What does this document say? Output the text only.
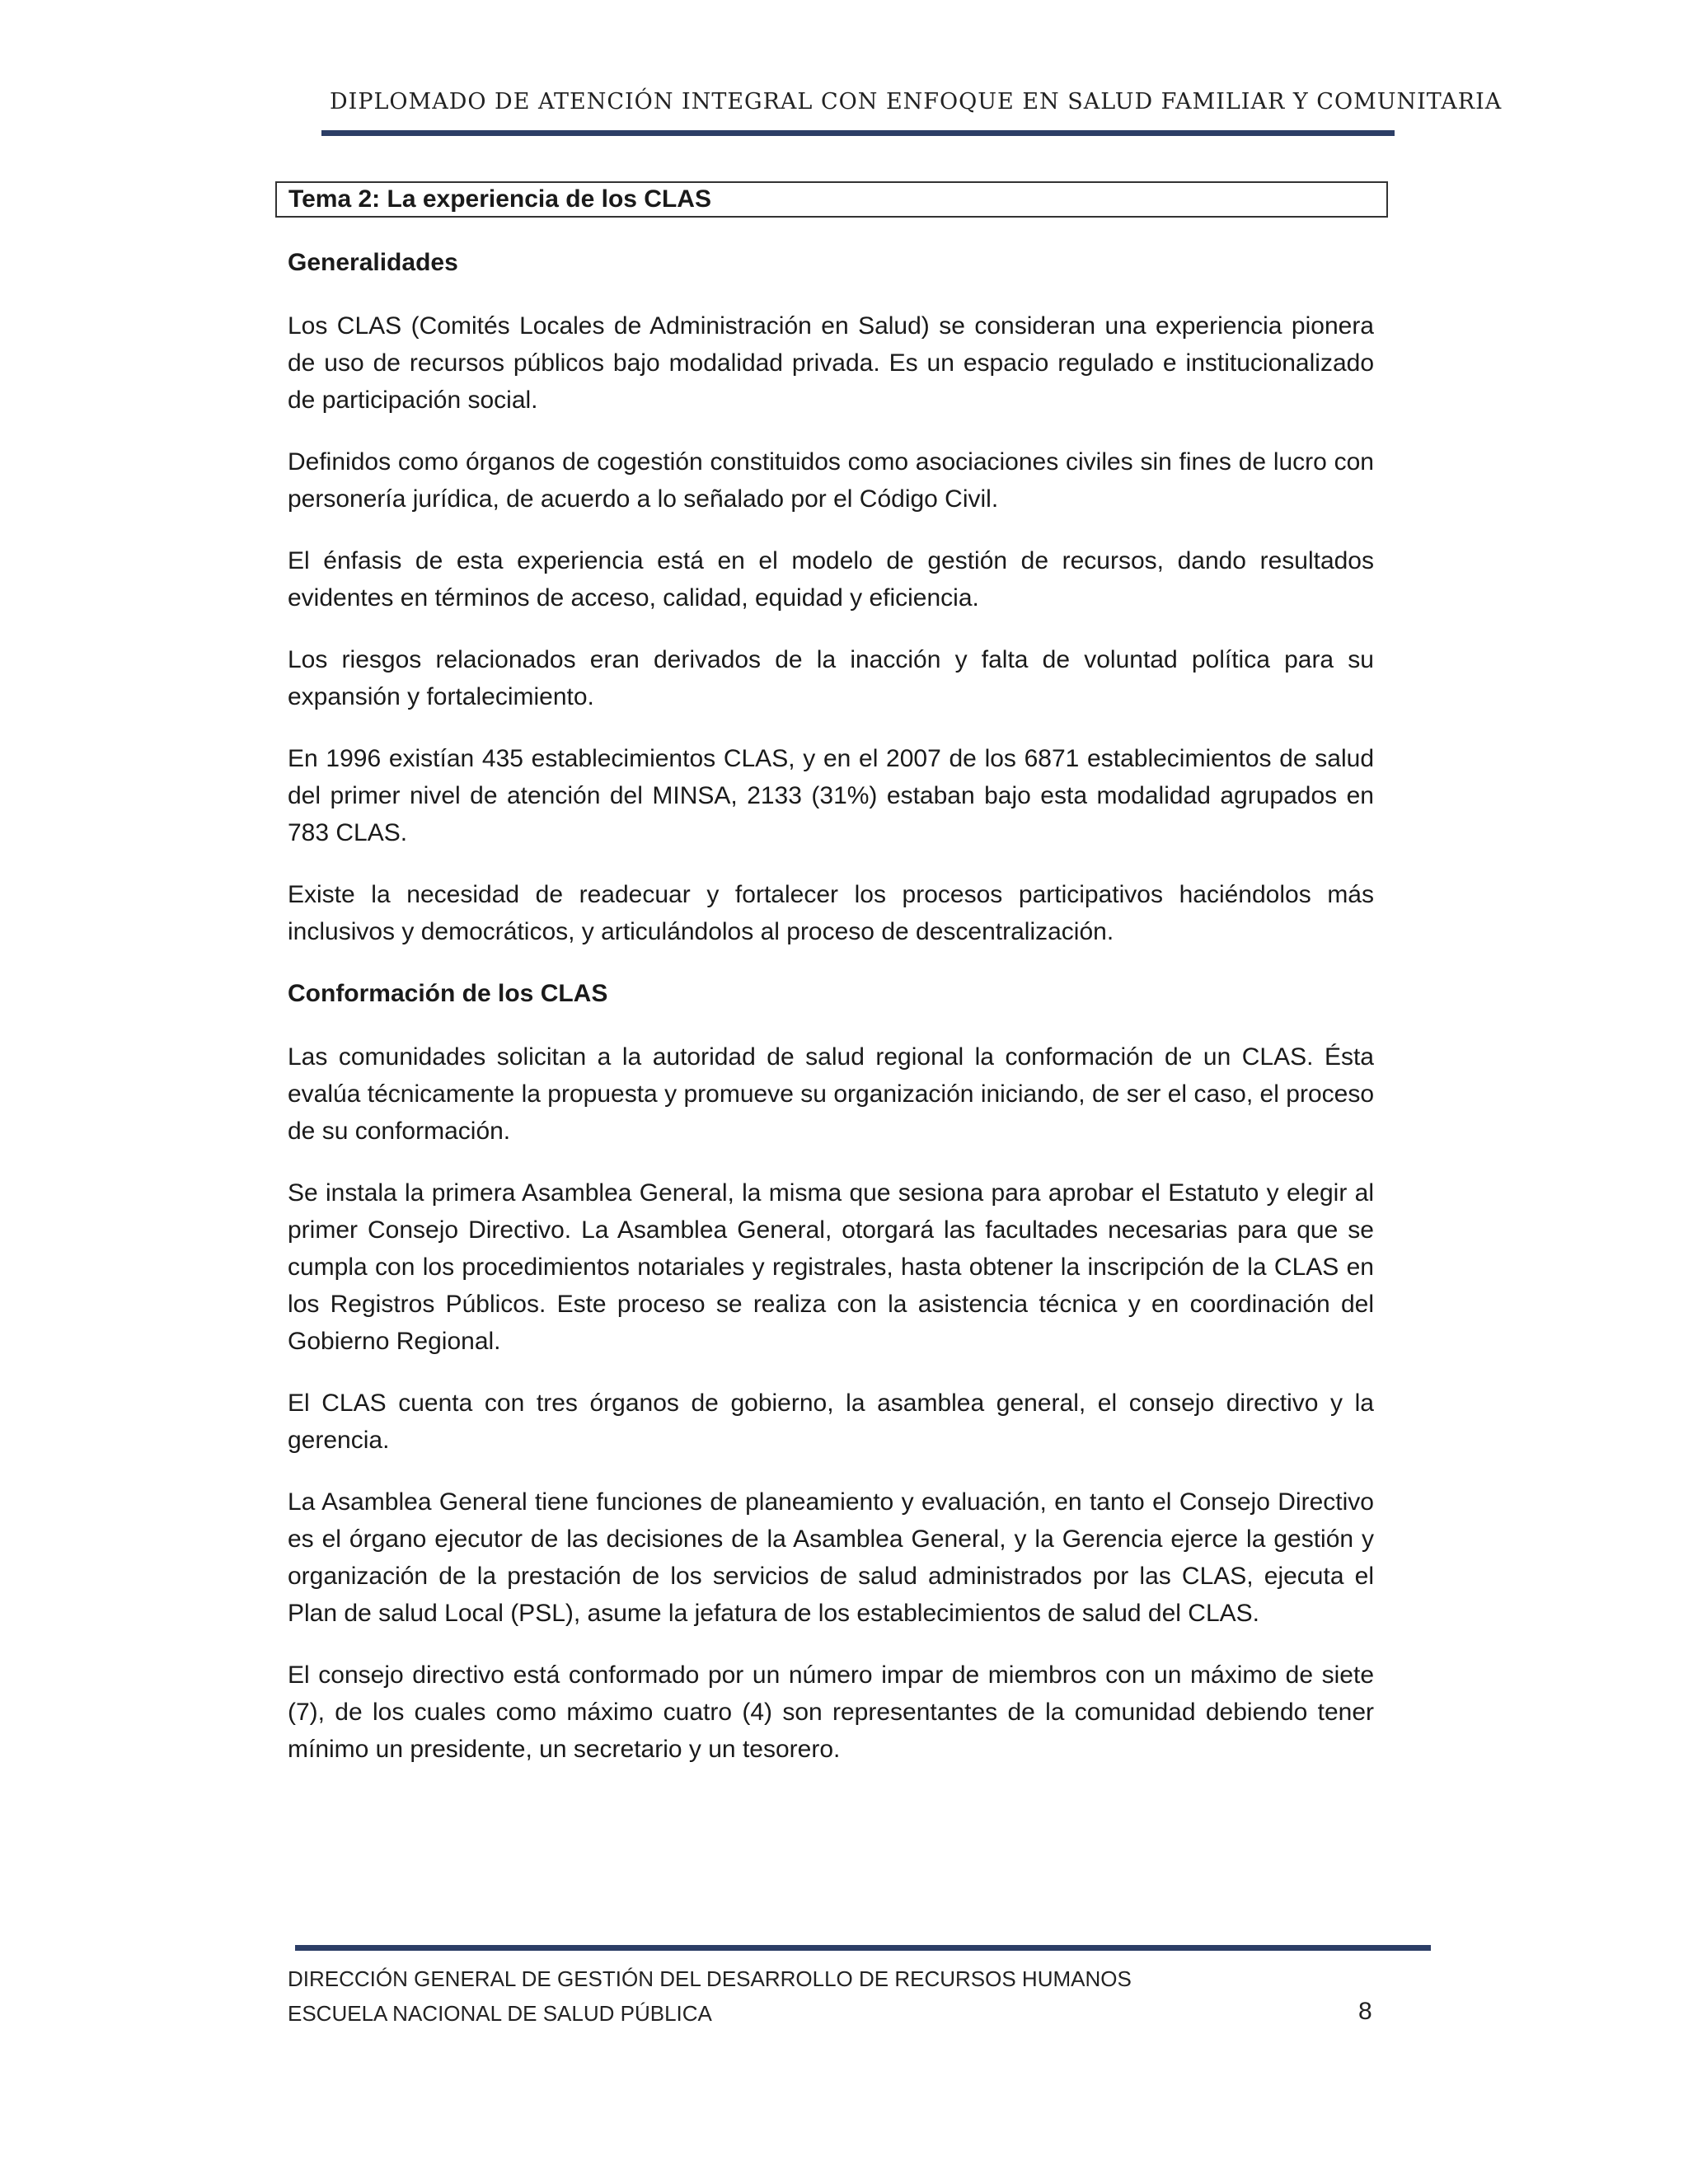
DIPLOMADO DE ATENCIÓN INTEGRAL CON ENFOQUE EN SALUD FAMILIAR Y COMUNITARIA
Tema 2: La experiencia de los CLAS
Generalidades

Los CLAS (Comités Locales de Administración en Salud) se consideran una experiencia pionera de uso de recursos públicos bajo modalidad privada. Es un espacio regulado e institucionalizado de participación social.

Definidos como órganos de cogestión constituidos como asociaciones civiles sin fines de lucro con personería jurídica, de acuerdo a lo señalado por el Código Civil.

El énfasis de esta experiencia está en el modelo de gestión de recursos, dando resultados evidentes en términos de acceso, calidad, equidad y eficiencia.

Los riesgos relacionados eran derivados de la inacción y falta de voluntad política para su expansión y fortalecimiento.

En 1996 existían 435 establecimientos CLAS, y en el 2007 de los 6871 establecimientos de salud del primer nivel de atención del MINSA, 2133 (31%) estaban bajo esta modalidad agrupados en 783 CLAS.

Existe la necesidad de readecuar y fortalecer los procesos participativos haciéndolos más inclusivos y democráticos, y articulándolos al proceso de descentralización.

Conformación de los CLAS

Las comunidades solicitan a la autoridad de salud regional la conformación de un CLAS. Ésta evalúa técnicamente la propuesta y promueve su organización iniciando, de ser el caso, el proceso de su conformación.

Se instala la primera Asamblea General, la misma que sesiona para aprobar el Estatuto y elegir al primer Consejo Directivo. La Asamblea General, otorgará las facultades necesarias para que se cumpla con los procedimientos notariales y registrales, hasta obtener la inscripción de la CLAS en los Registros Públicos. Este proceso se realiza con la asistencia técnica y en coordinación del Gobierno Regional.

El CLAS cuenta con tres órganos de gobierno, la asamblea general, el consejo directivo y la gerencia.

La Asamblea General tiene funciones de planeamiento y evaluación, en tanto el Consejo Directivo es el órgano ejecutor de las decisiones de la Asamblea General, y la Gerencia ejerce la gestión y organización de la prestación de los servicios de salud administrados por las CLAS, ejecuta el Plan de salud Local (PSL), asume la jefatura de los establecimientos de salud del CLAS.

El consejo directivo está conformado por un número impar de miembros con un máximo de siete (7), de los cuales como máximo cuatro (4) son representantes de la comunidad debiendo tener mínimo un presidente, un secretario y un tesorero.

DIRECCIÓN GENERAL DE GESTIÓN DEL DESARROLLO DE RECURSOS HUMANOS
ESCUELA NACIONAL DE SALUD PÚBLICA	8
